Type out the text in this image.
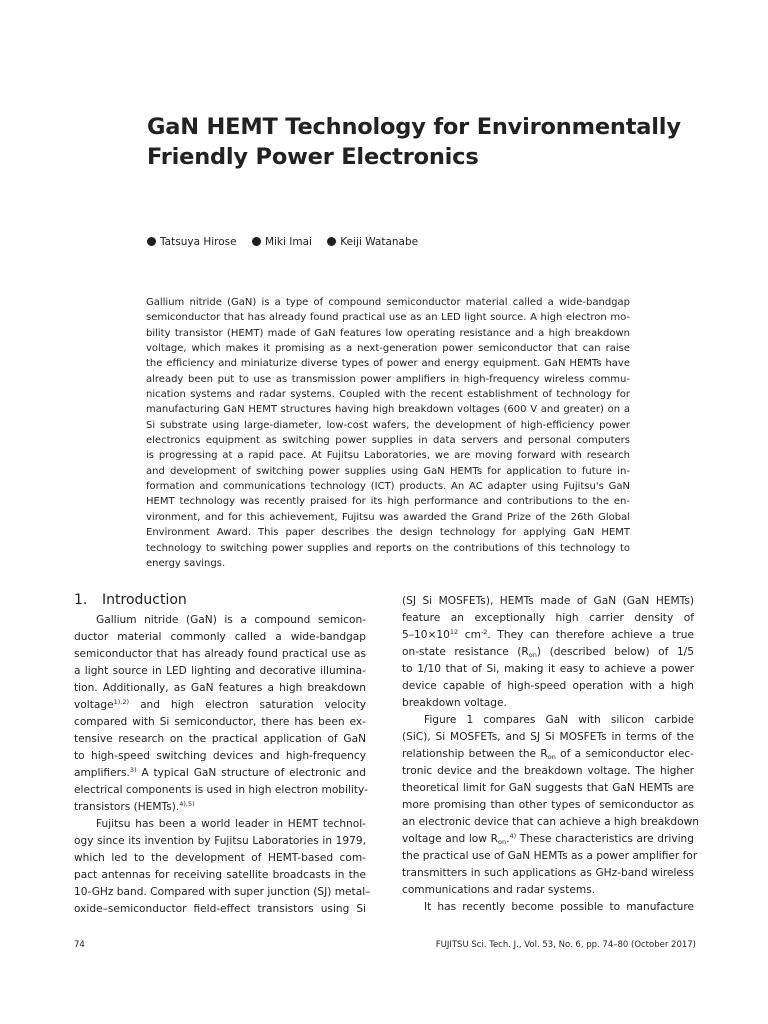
GaN HEMT Technology for Environmentally
Friendly Power Electronics
Tatsuya Hirose	Miki Imai	Keiji Watanabe
Gallium nitride (GaN) is a type of compound semiconductor material called a wide-bandgap
semiconductor that has already found practical use as an LED light source. A high electron mo-
bility transistor (HEMT) made of GaN features low operating resistance and a high breakdown
voltage, which makes it promising as a next-generation power semiconductor that can raise
the efficiency and miniaturize diverse types of power and energy equipment. GaN HEMTs have
already been put to use as transmission power amplifiers in high-frequency wireless commu-
nication systems and radar systems. Coupled with the recent establishment of technology for
manufacturing GaN HEMT structures having high breakdown voltages (600 V and greater) on a
Si substrate using large-diameter, low-cost wafers, the development of high-efficiency power
electronics equipment as switching power supplies in data servers and personal computers
is progressing at a rapid pace. At Fujitsu Laboratories, we are moving forward with research
and development of switching power supplies using GaN HEMTs for application to future in-
formation and communications technology (ICT) products. An AC adapter using Fujitsu's GaN
HEMT technology was recently praised for its high performance and contributions to the en-
vironment, and for this achievement, Fujitsu was awarded the Grand Prize of the 26th Global
Environment Award. This paper describes the design technology for applying GaN HEMT
technology to switching power supplies and reports on the contributions of this technology to
energy savings.
1. Introduction
Gallium nitride (GaN) is a compound semicon-
ductor material commonly called a wide-bandgap
semiconductor that has already found practical use as
a light source in LED lighting and decorative illumina-
tion. Additionally, as GaN features a high breakdown
voltage$^{1),2)}$ and high electron saturation velocity
compared with Si semiconductor, there has been ex-
tensive research on the practical application of GaN
to high-speed switching devices and high-frequency
amplifiers.$^{3)}$ A typical GaN structure of electronic and
electrical components is used in high electron mobility-
transistors (HEMTs).$^{4),5)}$
Fujitsu has been a world leader in HEMT technol-
ogy since its invention by Fujitsu Laboratories in 1979,
which led to the development of HEMT-based com-
pact antennas for receiving satellite broadcasts in the
10-GHz band. Compared with super junction (SJ) metal–
oxide–semiconductor field-effect transistors using Si
(SJ Si MOSFETs), HEMTs made of GaN (GaN HEMTs)
feature an exceptionally high carrier density of
$5-10\times 10^{12}$ $cm^{-2}$. They can therefore achieve a true
on-state resistance $(R_{on})$ (described below) of 1/5
to 1/10 that of Si, making it easy to achieve a power
device capable of high-speed operation with a high
breakdown voltage.
Figure 1 compares GaN with silicon carbide
(SiC), Si MOSFETs, and SJ Si MOSFETs in terms of the
relationship between the $R_{on}$ of a semiconductor elec-
tronic device and the breakdown voltage. The higher
theoretical limit for GaN suggests that GaN HEMTs are
more promising than other types of semiconductor as
an electronic device that can achieve a high breakdown
voltage and low $R_{on}.^{4)}$ These characteristics are driving
the practical use of GaN HEMTs as a power amplifier for
transmitters in such applications as GHz-band wireless
communications and radar systems.
It has recently become possible to manufacture
74	FUJITSU Sci. Tech. J., Vol. 53, No. 6, pp. 74–80 (October 2017)
